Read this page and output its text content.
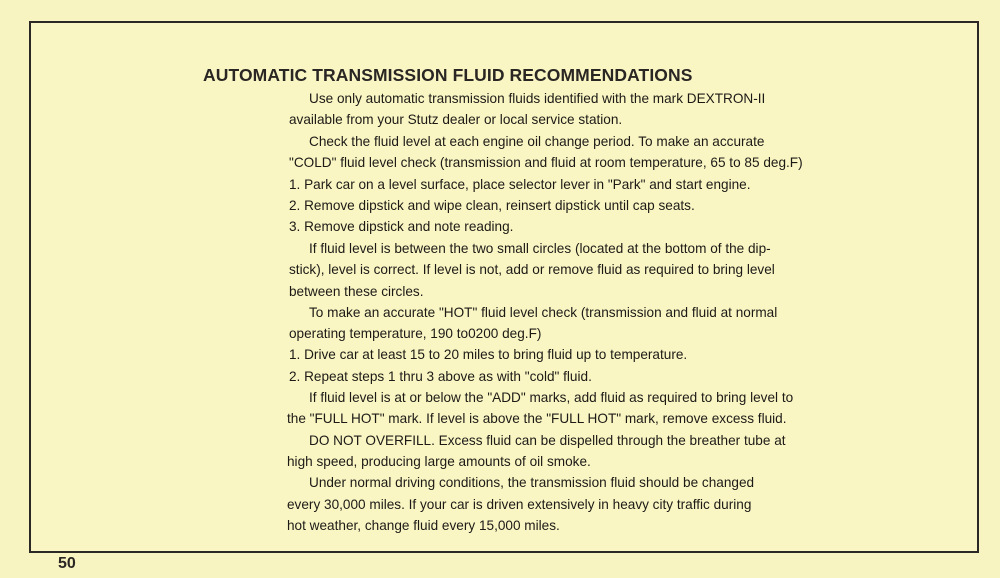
AUTOMATIC TRANSMISSION FLUID RECOMMENDATIONS
Use only automatic transmission fluids identified with the mark DEXTRON-II
available from your Stutz dealer or local service station.
Check the fluid level at each engine oil change period. To make an accurate
"COLD" fluid level check (transmission and fluid at room temperature, 65 to 85 deg.F)
1. Park car on a level surface, place selector lever in "Park" and start engine.
2. Remove dipstick and wipe clean, reinsert dipstick until cap seats.
3. Remove dipstick and note reading.
If fluid level is between the two small circles (located at the bottom of the dip-
stick), level is correct. If level is not, add or remove fluid as required to bring level
between these circles.
To make an accurate "HOT" fluid level check (transmission and fluid at normal
operating temperature, 190 to0200 deg.F)
1. Drive car at least 15 to 20 miles to bring fluid up to temperature.
2. Repeat steps 1 thru 3 above as with "cold" fluid.
If fluid level is at or below the "ADD" marks, add fluid as required to bring level to
the "FULL HOT" mark. If level is above the "FULL HOT" mark, remove excess fluid.
DO NOT OVERFILL. Excess fluid can be dispelled through the breather tube at
high speed, producing large amounts of oil smoke.
Under normal driving conditions, the transmission fluid should be changed
every 30,000 miles. If your car is driven extensively in heavy city traffic during
hot weather, change fluid every 15,000 miles.
50
